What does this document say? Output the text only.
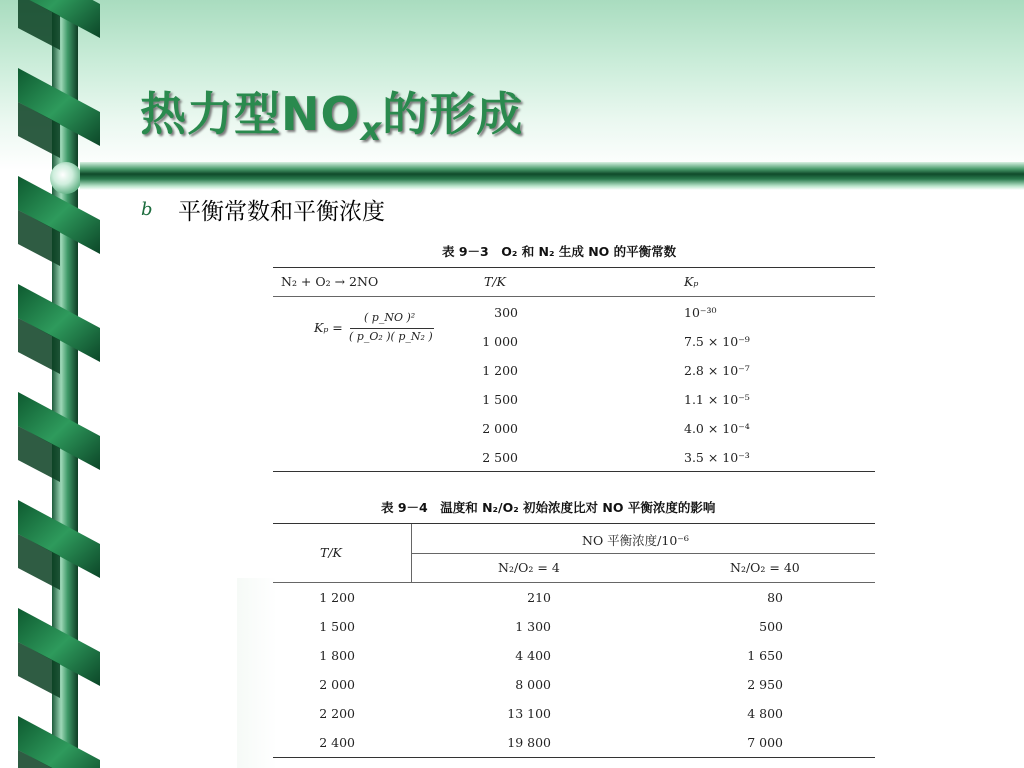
热力型$NO_x$的形成
b 平衡常数和平衡浓度
表 9－3　O₂ 和 N₂ 生成 NO 的平衡常数
N₂ + O₂ → 2NO	T/K	Kₚ
Kₚ =
( p_NO )²
( p_O₂ )( p_N₂ )
300	10⁻³⁰
1 000	7.5 × 10⁻⁹
1 200	2.8 × 10⁻⁷
1 500	1.1 × 10⁻⁵
2 000	4.0 × 10⁻⁴
2 500	3.5 × 10⁻³
表 9－4　温度和 N₂/O₂ 初始浓度比对 NO 平衡浓度的影响
T/K
NO 平衡浓度/10⁻⁶
N₂/O₂ = 4	N₂/O₂ = 40
1 200	210	80
1 500	1 300	500
1 800	4 400	1 650
2 000	8 000	2 950
2 200	13 100	4 800
2 400	19 800	7 000
